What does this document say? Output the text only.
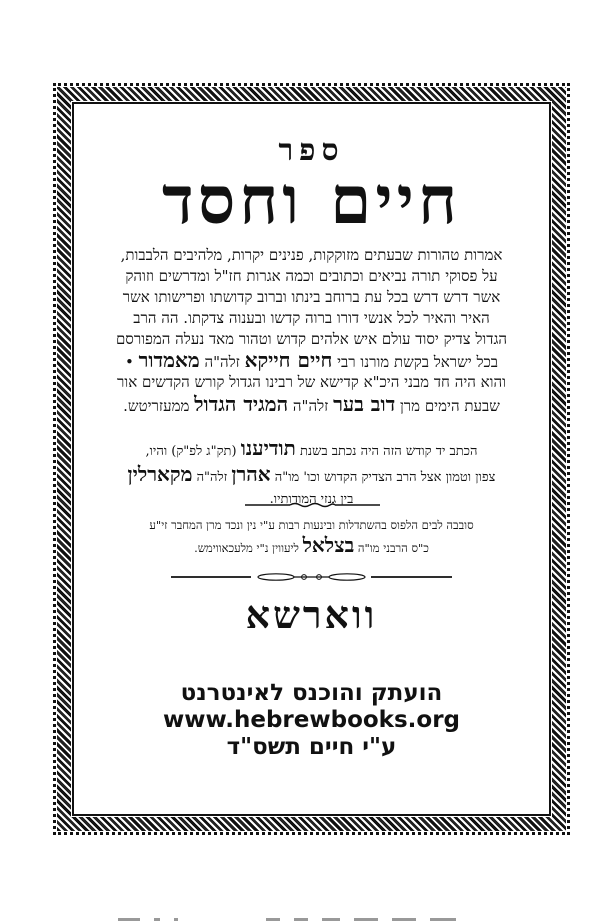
ספר
חיים וחסד
אמרות טהורות שבעתים מזוקקות, פנינים יקרות, מלהיבים הלבבות,
על פסוקי תורה נביאים וכתובים וכמה אגרות חז"ל ומדרשים וזוהק
אשר דרש דרש בכל עת ברוחב בינתו וברוב קדושתו ופרישותו אשר
האיר והאיר לכל אנשי דורו ברוה קדשו ובענוה צדקתו. הה הרב
הגדול צדיק יסוד עולם איש אלהים קדוש וטהור מאד נעלה המפורסם
בכל ישראל בקשת מורנו רבי חיים חייקא זלה"ה מאמדור •
והוא היה חד מבני היכ"א קדישא של רבינו הגדול קורש הקדשים אור
שבעת הימים מרן דוב בער זלה"ה המגיד הגדול ממעזריטש.
הכתב יד קודש הזה היה נכתב בשנת תודיענו (תק"ג לפ"ק) והיו,
צפון וטמון אצל הרב הצדיק הקדוש וכו' מו"ה אהרן זלה"ה מקארלין
בין גנזי המודותיו.
סובבה לבים הלפוס בהשתדלות ובינעות רבות ע"י נין ונכד מרן המחבר זי"ע
כ"ס הרבני מו"ה בצלאל ליעווין נ"י מלעכאווימש.
ווארשא
הועתק והוכנס לאינטרנט
www.hebrewbooks.org
ע"י חיים תשס"ד
